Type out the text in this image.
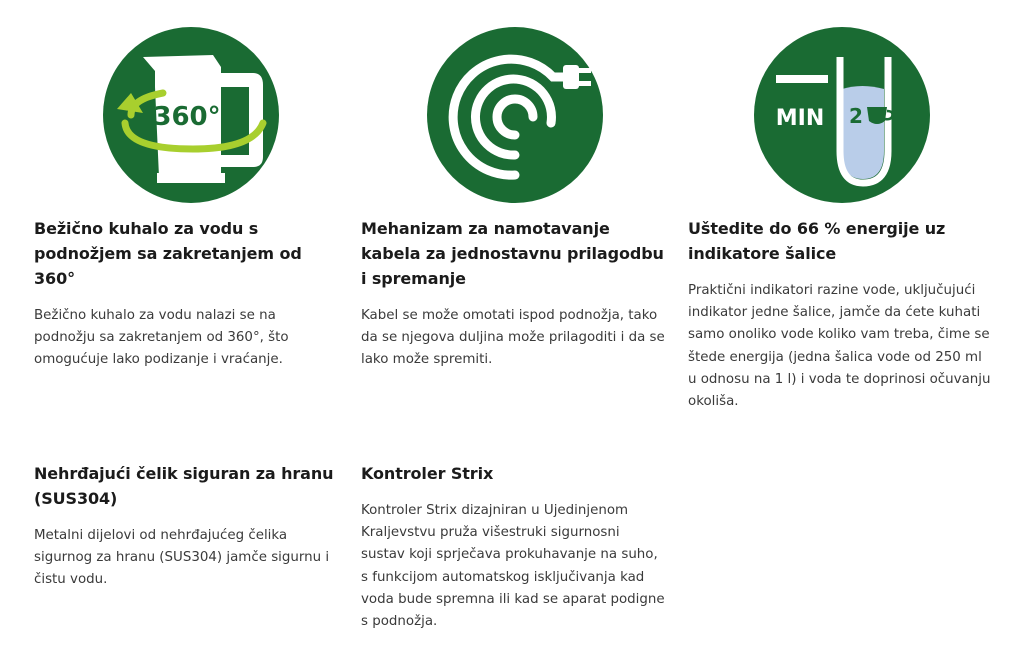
360°	MIN 2
Bežično kuhalo za vodu s podnožjem sa zakretanjem od 360°

Bežično kuhalo za vodu nalazi se na podnožju sa zakretanjem od 360°, što omogućuje lako podizanje i vraćanje.

Mehanizam za namotavanje kabela za jednostavnu prilagodbu i spremanje

Kabel se može omotati ispod podnožja, tako da se njegova duljina može prilagoditi i da se lako može spremiti.

Uštedite do 66 % energije uz indikatore šalice

Praktični indikatori razine vode, uključujući indikator jedne šalice, jamče da ćete kuhati samo onoliko vode koliko vam treba, čime se štede energija (jedna šalica vode od 250 ml u odnosu na 1 l) i voda te doprinosi očuvanju okoliša.

Nehrđajući čelik siguran za hranu (SUS304)

Metalni dijelovi od nehrđajućeg čelika sigurnog za hranu (SUS304) jamče sigurnu i čistu vodu.

Kontroler Strix

Kontroler Strix dizajniran u Ujedinjenom Kraljevstvu pruža višestruki sigurnosni sustav koji sprječava prokuhavanje na suho, s funkcijom automatskog isključivanja kad voda bude spremna ili kad se aparat podigne s podnožja.
